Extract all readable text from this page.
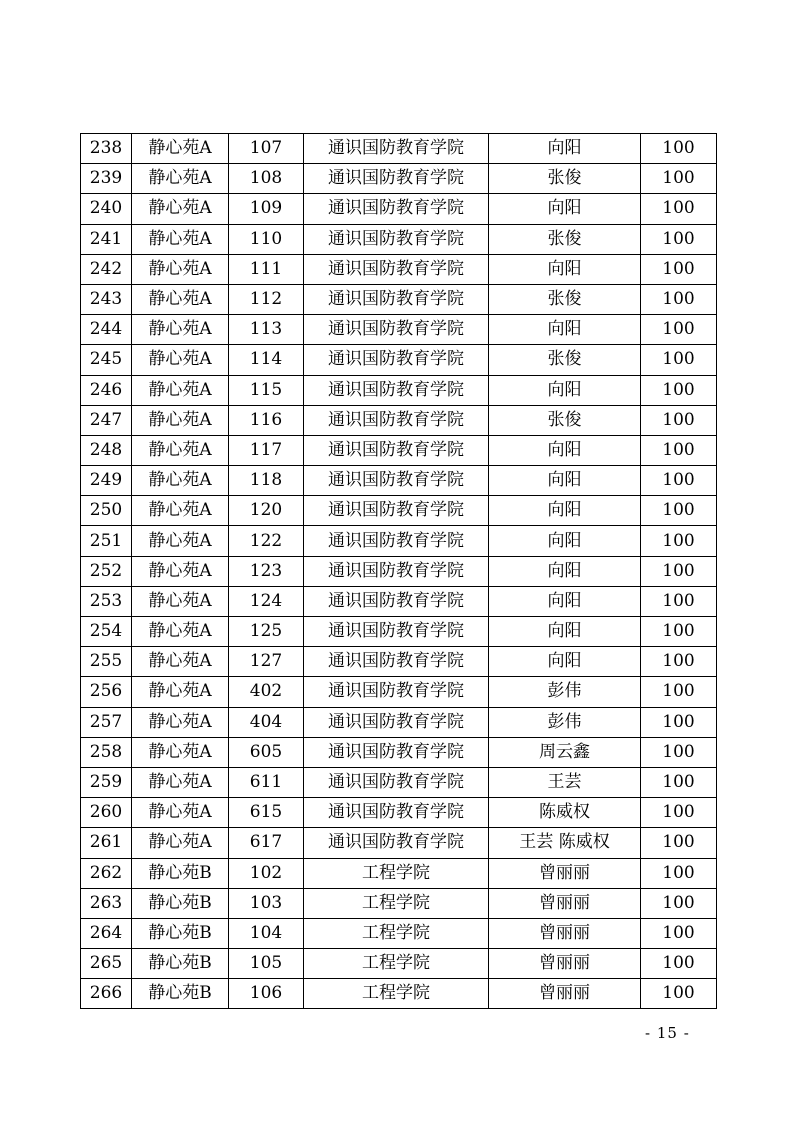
238	静心苑A	107	通识国防教育学院	向阳	100
239	静心苑A	108	通识国防教育学院	张俊	100
240	静心苑A	109	通识国防教育学院	向阳	100
241	静心苑A	110	通识国防教育学院	张俊	100
242	静心苑A	111	通识国防教育学院	向阳	100
243	静心苑A	112	通识国防教育学院	张俊	100
244	静心苑A	113	通识国防教育学院	向阳	100
245	静心苑A	114	通识国防教育学院	张俊	100
246	静心苑A	115	通识国防教育学院	向阳	100
247	静心苑A	116	通识国防教育学院	张俊	100
248	静心苑A	117	通识国防教育学院	向阳	100
249	静心苑A	118	通识国防教育学院	向阳	100
250	静心苑A	120	通识国防教育学院	向阳	100
251	静心苑A	122	通识国防教育学院	向阳	100
252	静心苑A	123	通识国防教育学院	向阳	100
253	静心苑A	124	通识国防教育学院	向阳	100
254	静心苑A	125	通识国防教育学院	向阳	100
255	静心苑A	127	通识国防教育学院	向阳	100
256	静心苑A	402	通识国防教育学院	彭伟	100
257	静心苑A	404	通识国防教育学院	彭伟	100
258	静心苑A	605	通识国防教育学院	周云鑫	100
259	静心苑A	611	通识国防教育学院	王芸	100
260	静心苑A	615	通识国防教育学院	陈威权	100
261	静心苑A	617	通识国防教育学院	王芸 陈威权	100
262	静心苑B	102	工程学院	曾丽丽	100
263	静心苑B	103	工程学院	曾丽丽	100
264	静心苑B	104	工程学院	曾丽丽	100
265	静心苑B	105	工程学院	曾丽丽	100
266	静心苑B	106	工程学院	曾丽丽	100
- 15 -
